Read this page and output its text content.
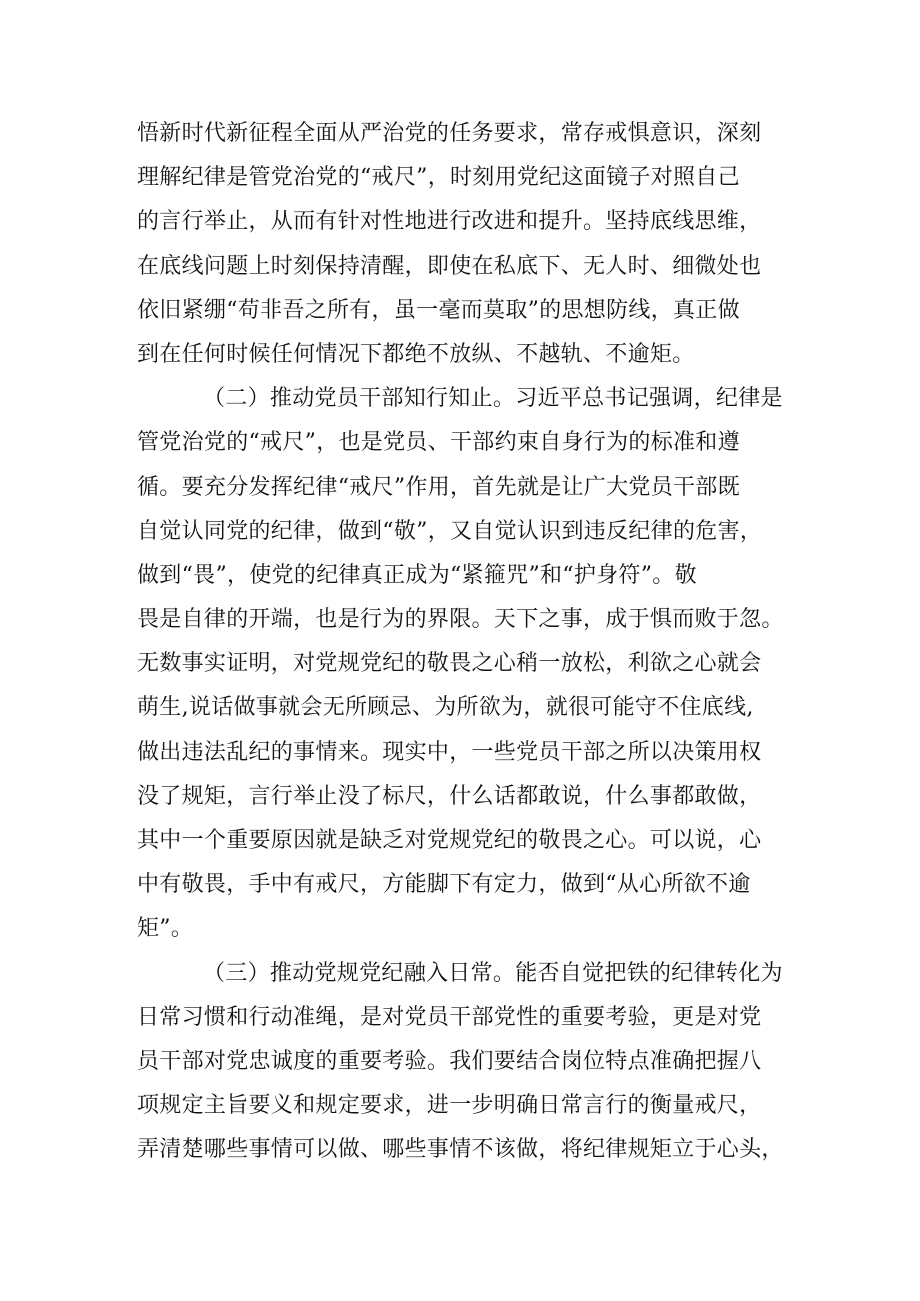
悟新时代新征程全面从严治党的任务要求，常存戒惧意识，深刻
理解纪律是管党治党的“戒尺”，时刻用党纪这面镜子对照自己
的言行举止，从而有针对性地进行改进和提升。坚持底线思维，
在底线问题上时刻保持清醒，即使在私底下、无人时、细微处也
依旧紧绷“苟非吾之所有，虽一毫而莫取”的思想防线，真正做
到在任何时候任何情况下都绝不放纵、不越轨、不逾矩。
（二）推动党员干部知行知止。习近平总书记强调，纪律是
管党治党的“戒尺”，也是党员、干部约束自身行为的标准和遵
循。要充分发挥纪律“戒尺”作用，首先就是让广大党员干部既
自觉认同党的纪律，做到“敬”，又自觉认识到违反纪律的危害，
做到“畏”，使党的纪律真正成为“紧箍咒”和“护身符”。敬
畏是自律的开端，也是行为的界限。天下之事，成于惧而败于忽。
无数事实证明，对党规党纪的敬畏之心稍一放松，利欲之心就会
萌生,说话做事就会无所顾忌、为所欲为，就很可能守不住底线,
做出违法乱纪的事情来。现实中，一些党员干部之所以决策用权
没了规矩，言行举止没了标尺，什么话都敢说，什么事都敢做，
其中一个重要原因就是缺乏对党规党纪的敬畏之心。可以说，心
中有敬畏，手中有戒尺，方能脚下有定力，做到“从心所欲不逾
矩”。
（三）推动党规党纪融入日常。能否自觉把铁的纪律转化为
日常习惯和行动准绳，是对党员干部党性的重要考验，更是对党
员干部对党忠诚度的重要考验。我们要结合岗位特点准确把握八
项规定主旨要义和规定要求，进一步明确日常言行的衡量戒尺，
弄清楚哪些事情可以做、哪些事情不该做，将纪律规矩立于心头，
